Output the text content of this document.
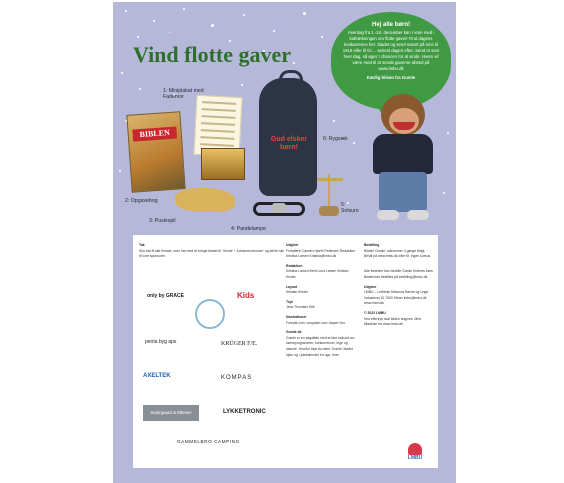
Vind flotte gaver
Hej alle børn!
Hverdag fra 1.-24. december kan I vare med i lodtrækningen om flotte gaver! Find dagens konkurrence her: bladet og send svaret på sms til 1919 eller til Gr… senest dagen efter. Send et svar hver dag, så øger I chancen for at vinde. Hvem vil være med til at sende gaverne afsted på www.lmbu.dk
Kærlig hilsen fra Gumle
BIBLEN
Gud elsker børn!
1: Miniplakat med Fadervor
2: Opgavebog
3: Puslespil
4: Pandelampe
5: Solsuro
6: Rygsæk

Tak
Stor tak til alle firmaer, som har med at bringe bladet til 'Gumle' i 'Julekonkurrencen' og derfor tak til vore sponsorer.

only by GRACE	Kids
penta byg aps	KRÜGER F/E.
AXELTEK	KOMPAS
Sejergaard & Ellesen	LYKKETRONIC
GAMMELBRO CAMPING

Udgiver
Forfattere Carsten Hjorth Pedersen Redaktion Kristina Larsen Kristina@lmbu.dk

Redaktion
Kristina Larsen Berit Lund Larsen Kristian Kinder

Layout
Kristian Kinder

Tryk
Jens Thomsen Kile

Illustrationer
Freepik.com, unsplash.com Jasper Nor

Gumle.dk
Gumle er en sagaflekt med et fast indhold om børneprogrammer, konkurrencer, lege og historie. Hvorfor skal du være 'Gumle'-bladet hjem og i julekalender en ugs, hver.

Bestilling
Bladet 'Gumle' udkommer 4 gange årligt. Bestil på www.lmbu.dk eller tlf. Ingen kursus

Alle forældre kan bestille Gumle til deres børn. Bladet kan bestilles på bestilling@lmbu.dk

Udgiver
LMBU – Luthersk Missions Børne og Unge Industrivej 10 7600 Struer lmbu@lmbu.dk www.lmbu.dk

© 2022 LMBU
Ved eftertryk skal kilden angives. Med tilladelse fra www.lmbu.dk

LMBU
